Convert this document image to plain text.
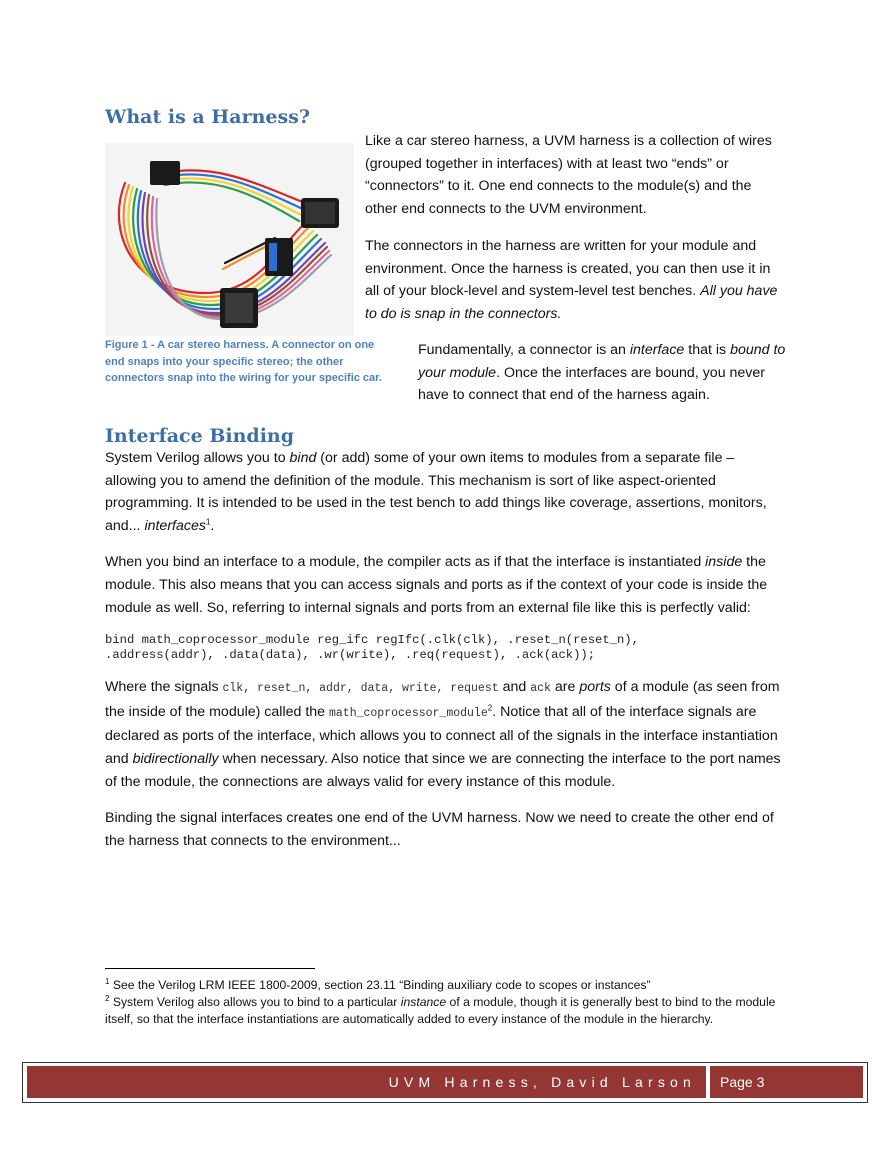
What is a Harness?
Figure 1 - A car stereo harness. A connector on one end snaps into your specific stereo; the other connectors snap into the wiring for your specific car.
Like a car stereo harness, a UVM harness is a collection of wires (grouped together in interfaces) with at least two “ends” or “connectors” to it. One end connects to the module(s) and the other end connects to the UVM environment.
The connectors in the harness are written for your module and environment. Once the harness is created, you can then use it in all of your block-level and system-level test benches. All you have to do is snap in the connectors.
Fundamentally, a connector is an interface that is bound to your module. Once the interfaces are bound, you never have to connect that end of the harness again.
Interface Binding

System Verilog allows you to bind (or add) some of your own items to modules from a separate file – allowing you to amend the definition of the module. This mechanism is sort of like aspect-oriented programming. It is intended to be used in the test bench to add things like coverage, assertions, monitors, and... interfaces$^1$.

When you bind an interface to a module, the compiler acts as if that the interface is instantiated inside the module. This also means that you can access signals and ports as if the context of your code is inside the module as well. So, referring to internal signals and ports from an external file like this is perfectly valid:

bind math_coprocessor_module reg_ifc regIfc(.clk(clk), .reset_n(reset_n),
.address(addr), .data(data), .wr(write), .req(request), .ack(ack));

Where the signals clk, reset_n, addr, data, write, request and ack are ports of a module (as seen from the inside of the module) called the math_coprocessor_module$^2$. Notice that all of the interface signals are declared as ports of the interface, which allows you to connect all of the signals in the interface instantiation and bidirectionally when necessary. Also notice that since we are connecting the interface to the port names of the module, the connections are always valid for every instance of this module.

Binding the signal interfaces creates one end of the UVM harness. Now we need to create the other end of the harness that connects to the environment...

$^1$ See the Verilog LRM IEEE 1800-2009, section 23.11 “Binding auxiliary code to scopes or instances”

$^2$ System Verilog also allows you to bind to a particular instance of a module, though it is generally best to bind to the module itself, so that the interface instantiations are automatically added to every instance of the module in the hierarchy.

UVM Harness, David Larson	Page 3
